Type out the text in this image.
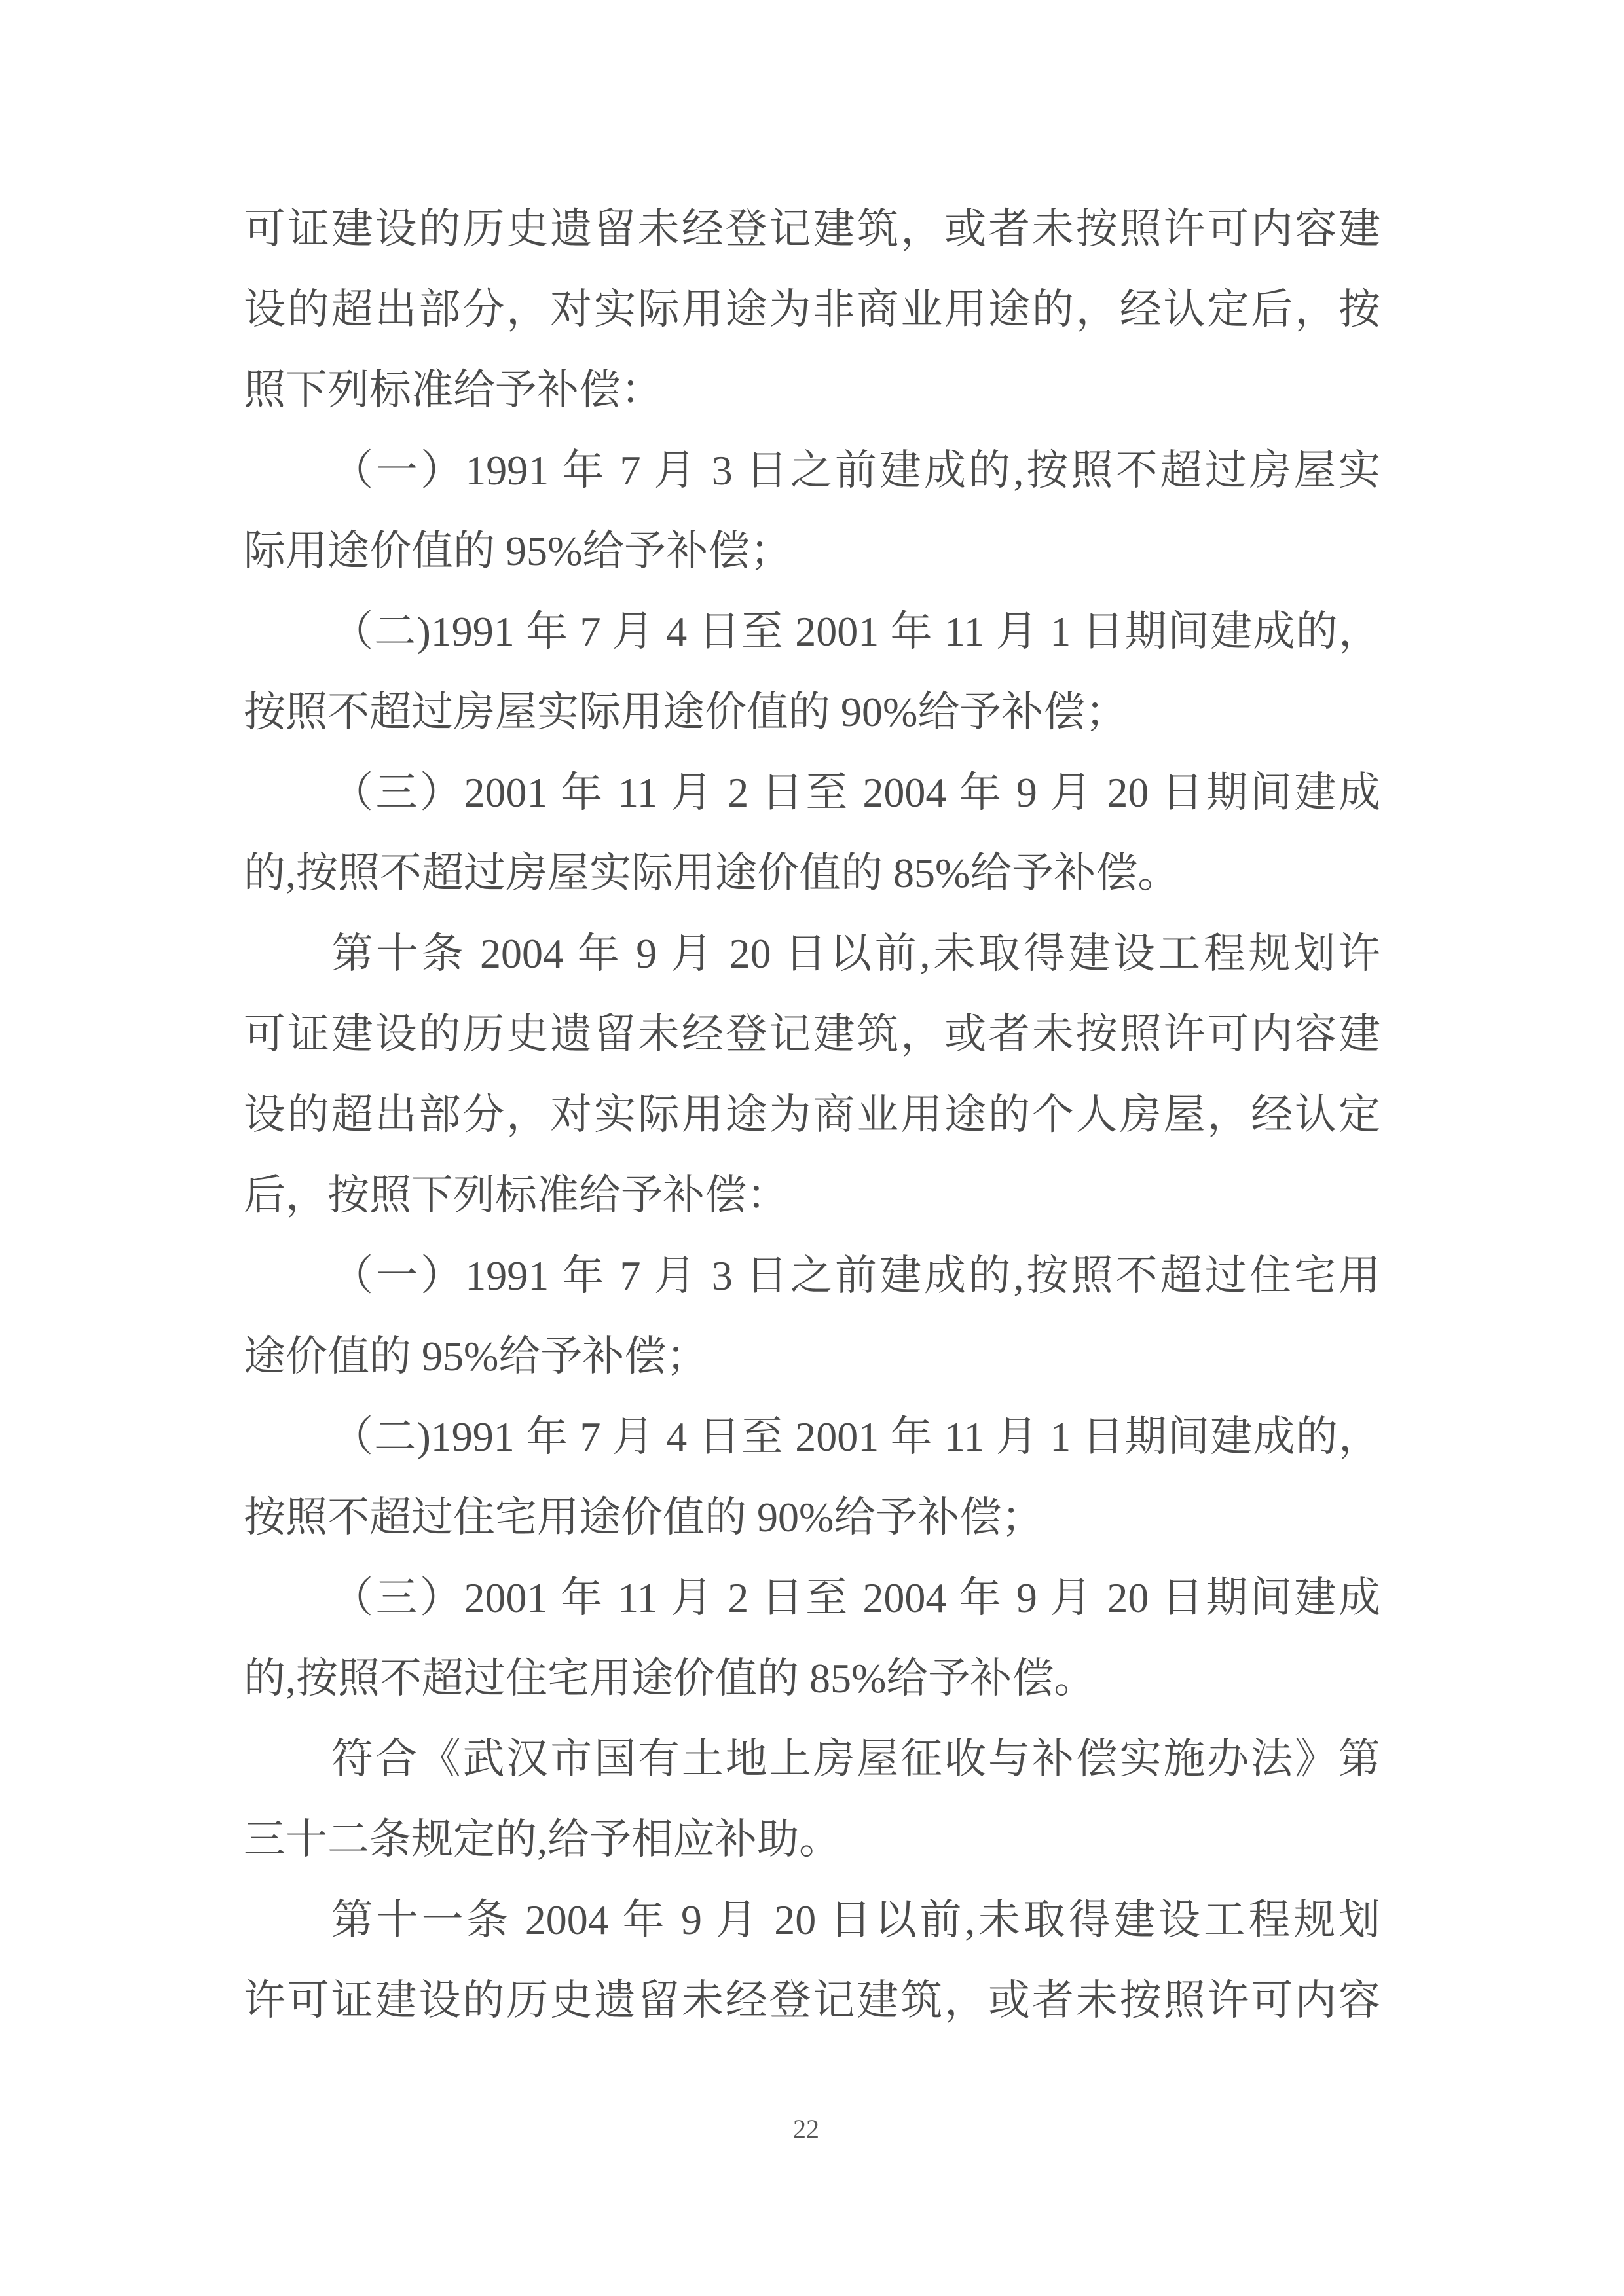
可证建设的历史遗留未经登记建筑，或者未按照许可内容建
设的超出部分，对实际用途为非商业用途的，经认定后，按
照下列标准给予补偿：
（一）1991 年 7 月 3 日之前建成的,按照不超过房屋实
际用途价值的 95%给予补偿；
（二)1991 年 7 月 4 日至 2001 年 11 月 1 日期间建成的，
按照不超过房屋实际用途价值的 90%给予补偿；
（三）2001 年 11 月 2 日至 2004 年 9 月 20 日期间建成
的,按照不超过房屋实际用途价值的 85%给予补偿。
第十条 2004 年 9 月 20 日以前,未取得建设工程规划许
可证建设的历史遗留未经登记建筑，或者未按照许可内容建
设的超出部分，对实际用途为商业用途的个人房屋，经认定
后，按照下列标准给予补偿：
（一）1991 年 7 月 3 日之前建成的,按照不超过住宅用
途价值的 95%给予补偿；
（二)1991 年 7 月 4 日至 2001 年 11 月 1 日期间建成的，
按照不超过住宅用途价值的 90%给予补偿；
（三）2001 年 11 月 2 日至 2004 年 9 月 20 日期间建成
的,按照不超过住宅用途价值的 85%给予补偿。
符合《武汉市国有土地上房屋征收与补偿实施办法》第
三十二条规定的,给予相应补助。
第十一条 2004 年 9 月 20 日以前,未取得建设工程规划
许可证建设的历史遗留未经登记建筑，或者未按照许可内容
22
